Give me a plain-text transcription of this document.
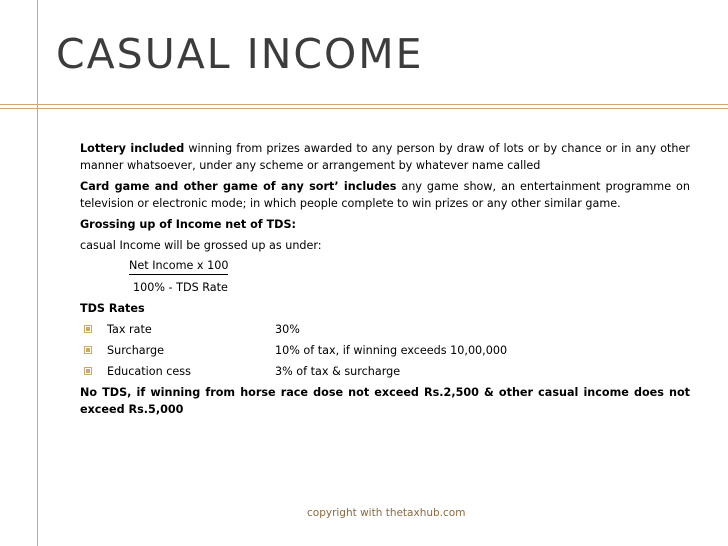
CASUAL INCOME

Lottery included winning from prizes awarded to any person by draw of lots or by chance or in any other manner whatsoever, under any scheme or arrangement by whatever name called

Card game and other game of any sort’ includes any game show, an entertainment programme on television or electronic mode; in which people complete to win prizes or any other similar game.

Grossing up of Income net of TDS:

casual Income will be grossed up as under:

Net Income x 100
100% - TDS Rate

TDS Rates

Tax rate	30%
Surcharge	10% of tax, if winning exceeds 10,00,000
Education cess	3% of tax & surcharge

No TDS, if winning from horse race dose not exceed Rs.2,500 & other casual income does not exceed Rs.5,000

copyright with thetaxhub.com
